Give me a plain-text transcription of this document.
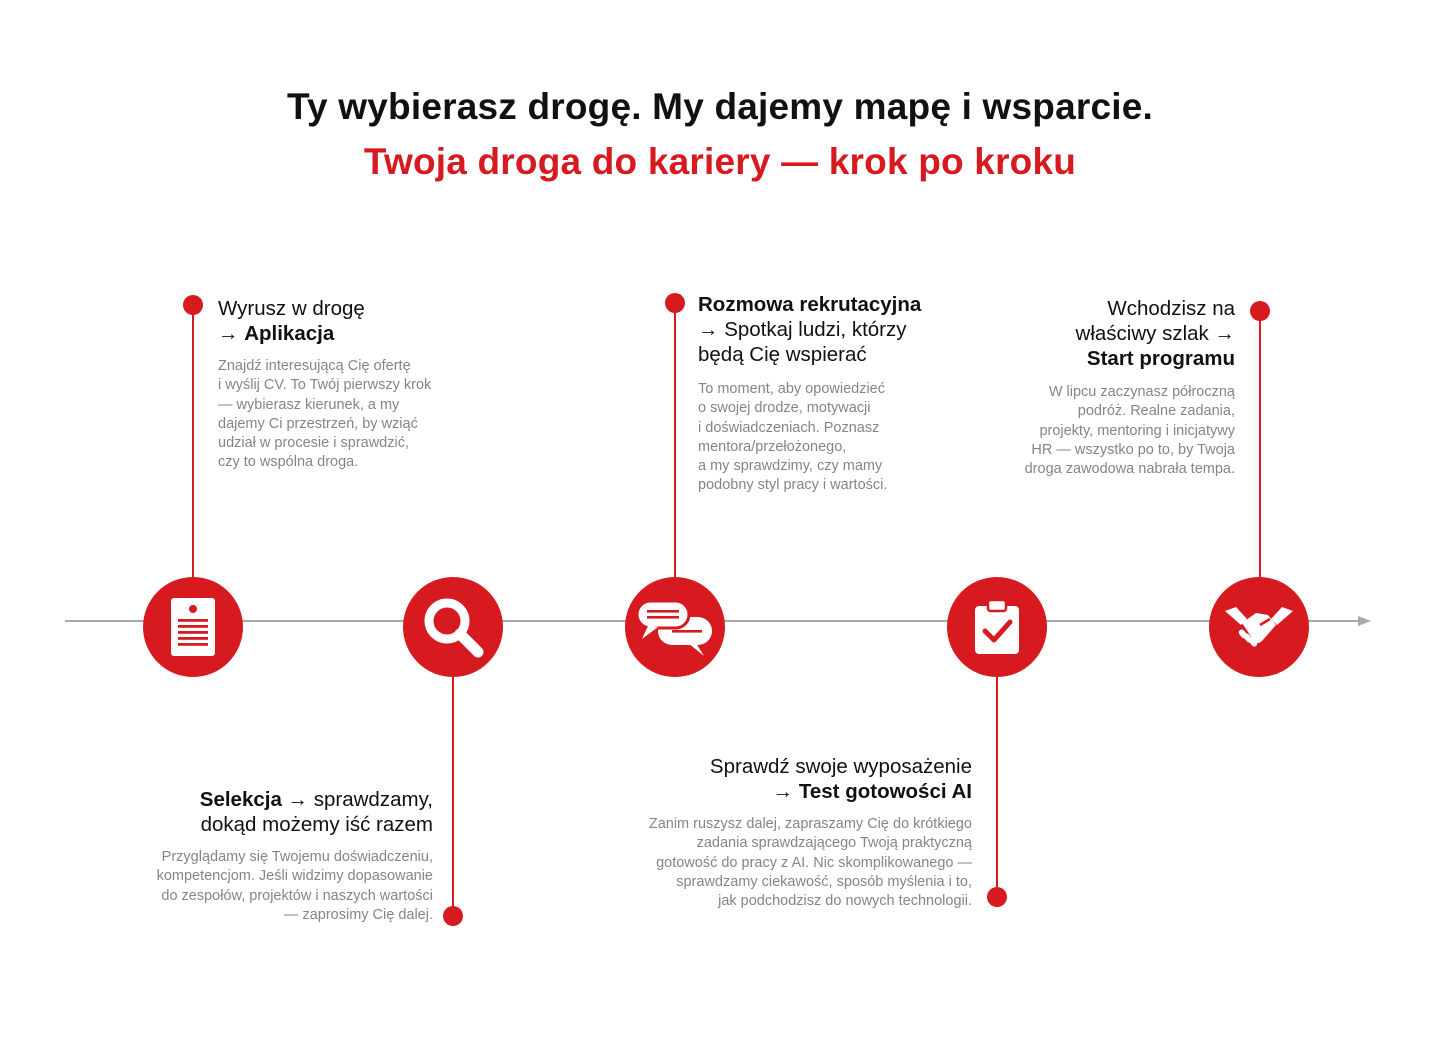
Ty wybierasz drogę. My dajemy mapę i wsparcie.
Twoja droga do kariery — krok po kroku
Wyrusz w drogę
→ Aplikacja
Znajdź interesującą Cię ofertę
i wyślij CV. To Twój pierwszy krok
— wybierasz kierunek, a my
dajemy Ci przestrzeń, by wziąć
udział w procesie i sprawdzić,
czy to wspólna droga.
Selekcja → sprawdzamy,
dokąd możemy iść razem
Przyglądamy się Twojemu doświadczeniu,
kompetencjom. Jeśli widzimy dopasowanie
do zespołów, projektów i naszych wartości
— zaprosimy Cię dalej.
Rozmowa rekrutacyjna
→ Spotkaj ludzi, którzy
będą Cię wspierać
To moment, aby opowiedzieć
o swojej drodze, motywacji
i doświadczeniach. Poznasz
mentora/przełożonego,
a my sprawdzimy, czy mamy
podobny styl pracy i wartości.
Sprawdź swoje wyposażenie
→ Test gotowości AI
Zanim ruszysz dalej, zapraszamy Cię do krótkiego
zadania sprawdzającego Twoją praktyczną
gotowość do pracy z AI. Nic skomplikowanego —
sprawdzamy ciekawość, sposób myślenia i to,
jak podchodzisz do nowych technologii.
Wchodzisz na
właściwy szlak →
Start programu
W lipcu zaczynasz półroczną
podróż. Realne zadania,
projekty, mentoring i inicjatywy
HR — wszystko po to, by Twoja
droga zawodowa nabrała tempa.
